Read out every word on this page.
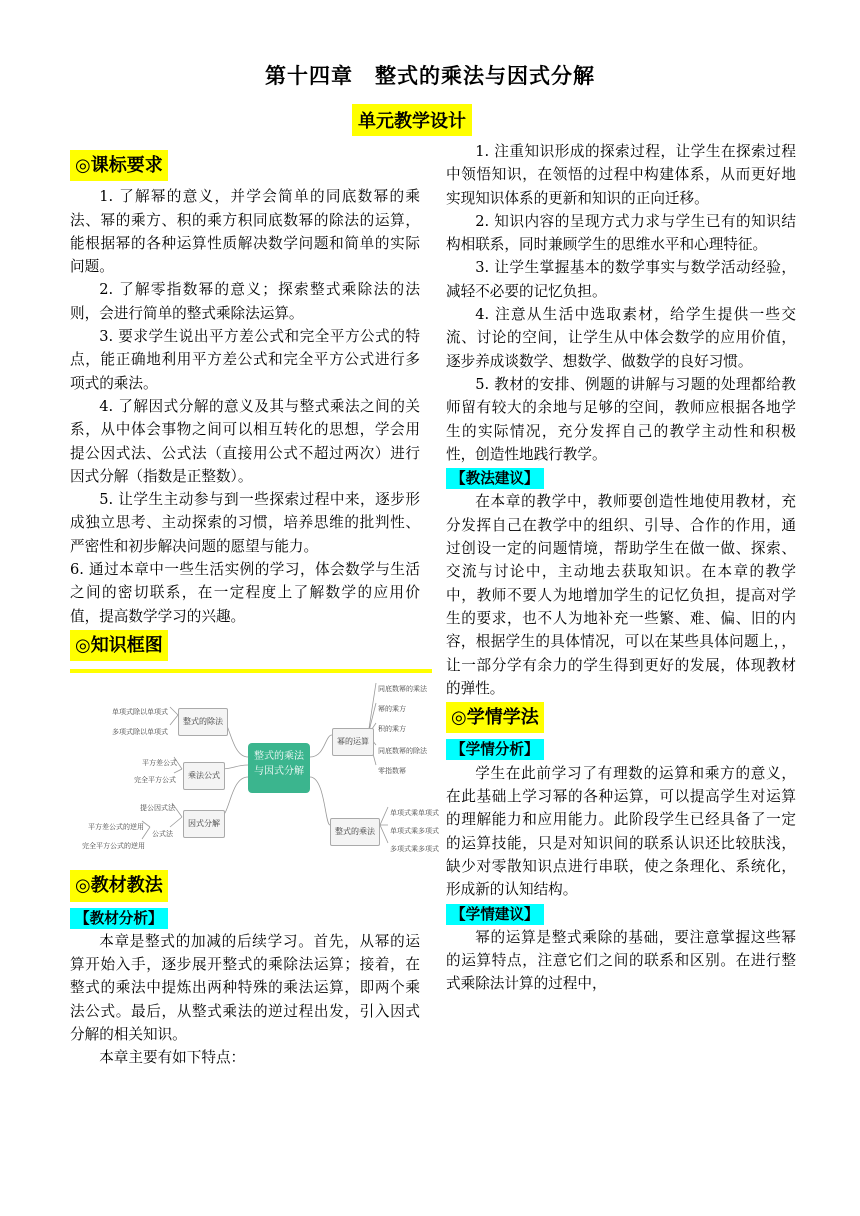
第十四章　整式的乘法与因式分解
单元教学设计
◎课标要求

1. 了解幂的意义，并学会简单的同底数幂的乘法、幂的乘方、积的乘方积同底数幂的除法的运算，能根据幂的各种运算性质解决数学问题和简单的实际问题。

2. 了解零指数幂的意义；探索整式乘除法的法则，会进行简单的整式乘除法运算。

3. 要求学生说出平方差公式和完全平方公式的特点，能正确地利用平方差公式和完全平方公式进行多项式的乘法。

4. 了解因式分解的意义及其与整式乘法之间的关系，从中体会事物之间可以相互转化的思想，学会用提公因式法、公式法（直接用公式不超过两次）进行因式分解（指数是正整数）。

5. 让学生主动参与到一些探索过程中来，逐步形成独立思考、主动探索的习惯，培养思维的批判性、严密性和初步解决问题的愿望与能力。

6. 通过本章中一些生活实例的学习，体会数学与生活之间的密切联系，在一定程度上了解数学的应用价值，提高数学学习的兴趣。

◎知识框图
整式的乘法
与因式分解
整式的除法
单项式除以单项式
多项式除以单项式
乘法公式
平方差公式
完全平方公式
因式分解
提公因式法
公式法
平方差公式的逆用
完全平方公式的逆用
幂的运算
同底数幂的乘法
幂的乘方
积的乘方
同底数幂的除法
零指数幂
整式的乘法
单项式乘单项式
单项式乘多项式
多项式乘多项式
◎教材教法
【教材分析】

本章是整式的加减的后续学习。首先，从幂的运算开始入手，逐步展开整式的乘除法运算；接着，在整式的乘法中提炼出两种特殊的乘法运算，即两个乘法公式。最后，从整式乘法的逆过程出发，引入因式分解的相关知识。

本章主要有如下特点：

1. 注重知识形成的探索过程，让学生在探索过程中领悟知识，在领悟的过程中构建体系，从而更好地实现知识体系的更新和知识的正向迁移。

2. 知识内容的呈现方式力求与学生已有的知识结构相联系，同时兼顾学生的思维水平和心理特征。

3. 让学生掌握基本的数学事实与数学活动经验，减轻不必要的记忆负担。

4. 注意从生活中选取素材，给学生提供一些交流、讨论的空间，让学生从中体会数学的应用价值，逐步养成谈数学、想数学、做数学的良好习惯。

5. 教材的安排、例题的讲解与习题的处理都给教师留有较大的余地与足够的空间，教师应根据各地学生的实际情况，充分发挥自己的教学主动性和积极性，创造性地践行教学。

【教法建议】

在本章的教学中，教师要创造性地使用教材，充分发挥自己在教学中的组织、引导、合作的作用，通过创设一定的问题情境，帮助学生在做一做、探索、交流与讨论中，主动地去获取知识。在本章的教学中，教师不要人为地增加学生的记忆负担，提高对学生的要求，也不人为地补充一些繁、难、偏、旧的内容，根据学生的具体情况，可以在某些具体问题上，，让一部分学有余力的学生得到更好的发展，体现教材的弹性。

◎学情学法
【学情分析】

学生在此前学习了有理数的运算和乘方的意义，在此基础上学习幂的各种运算，可以提高学生对运算的理解能力和应用能力。此阶段学生已经具备了一定的运算技能，只是对知识间的联系认识还比较肤浅，缺少对零散知识点进行串联，使之条理化、系统化，形成新的认知结构。

【学情建议】

幂的运算是整式乘除的基础，要注意掌握这些幂的运算特点，注意它们之间的联系和区别。在进行整式乘除法计算的过程中，
